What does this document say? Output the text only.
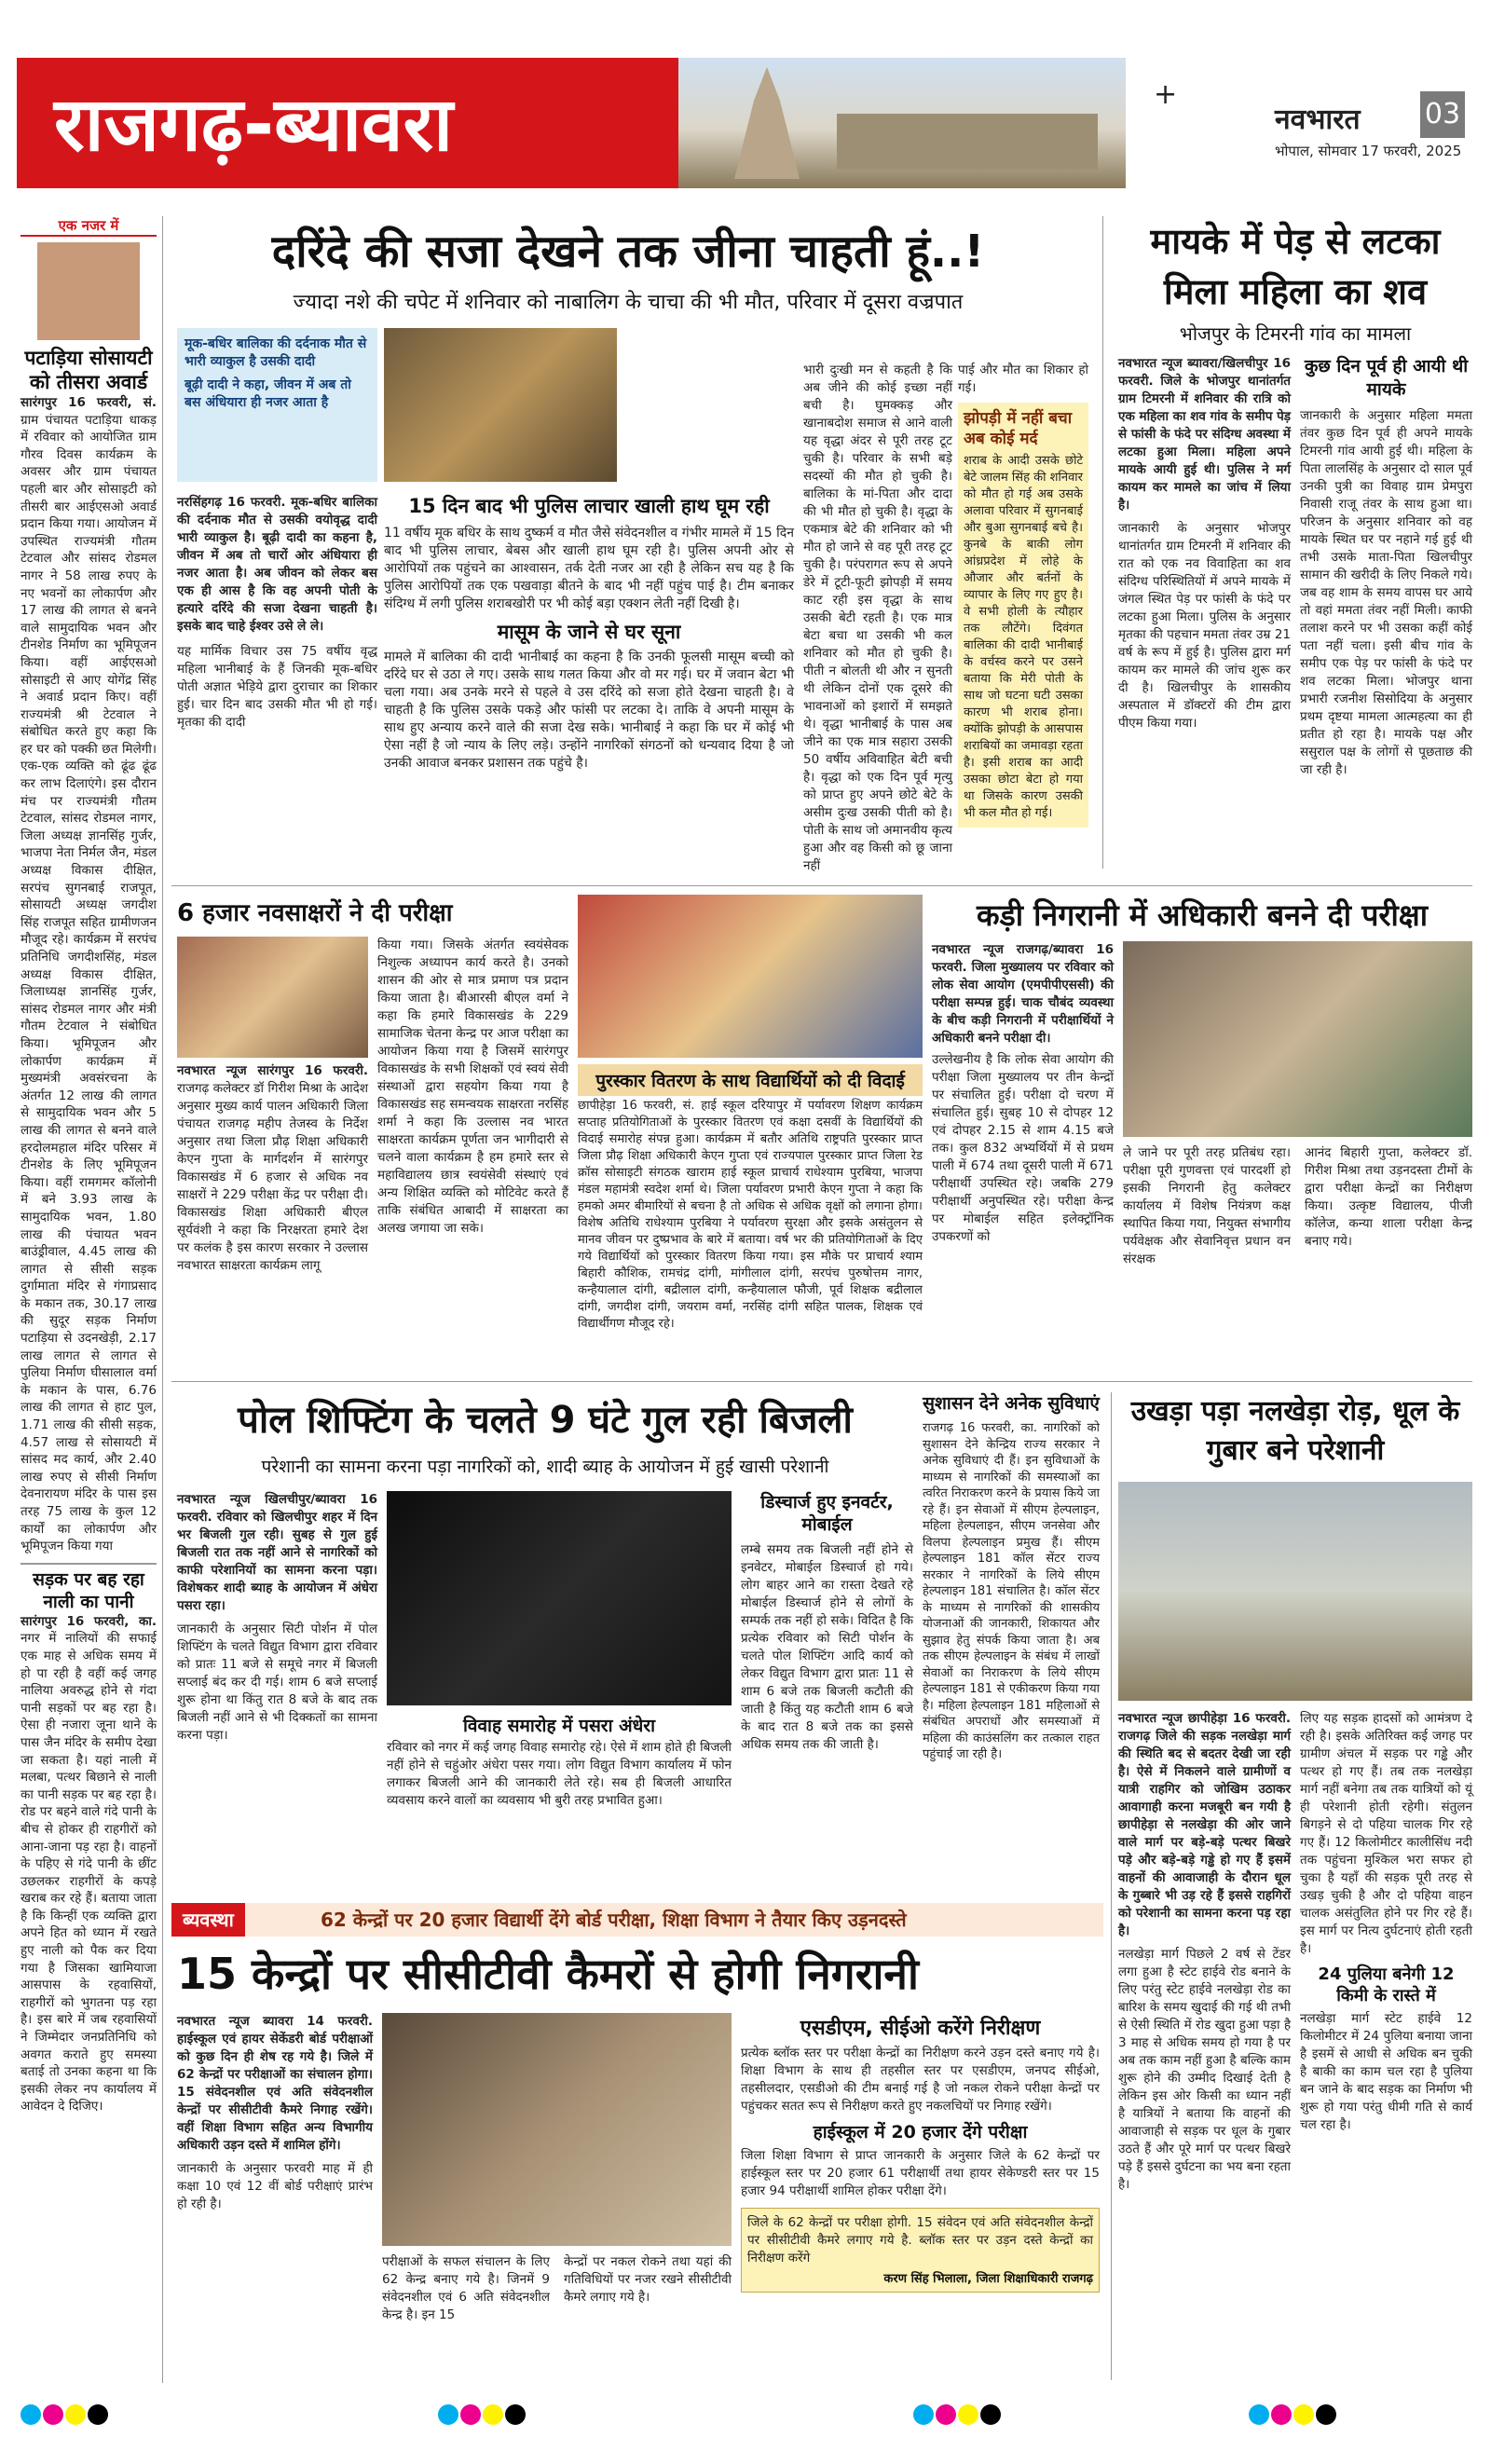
राजगढ़-ब्यावरा	+
नवभारत 03
भोपाल, सोमवार 17 फरवरी, 2025
एक नजर में
पटाड़िया सोसायटी को तीसरा अवार्ड
सारंगपुर 16 फरवरी, सं. ग्राम पंचायत पटाड़िया धाकड़ में रविवार को आयोजित ग्राम गौरव दिवस कार्यक्रम के अवसर और ग्राम पंचायत पहली बार और सोसाइटी को तीसरी बार आईएसओ अवार्ड प्रदान किया गया। आयोजन में उपस्थित राज्यमंत्री गौतम टेटवाल और सांसद रोडमल नागर ने 58 लाख रुपए के नए भवनों का लोकार्पण और 17 लाख की लागत से बनने वाले सामुदायिक भवन और टीनशेड निर्माण का भूमिपूजन किया। वहीं आईएसओ सोसाइटी से आए योगेंद्र सिंह ने अवार्ड प्रदान किए। वहीं राज्यमंत्री श्री टेटवाल ने संबोधित करते हुए कहा कि हर घर को पक्की छत मिलेगी। एक-एक व्यक्ति को ढूंढ ढूंढ कर लाभ दिलाएंगे। इस दौरान मंच पर राज्यमंत्री गौतम टेटवाल, सांसद रोडमल नागर, जिला अध्यक्ष ज्ञानसिंह गुर्जर, भाजपा नेता निर्मल जैन, मंडल अध्यक्ष विकास दीक्षित, सरपंच सुगनबाई राजपूत, सोसायटी अध्यक्ष जगदीश सिंह राजपूत सहित ग्रामीणजन मौजूद रहे। कार्यक्रम में सरपंच प्रतिनिधि जगदीशसिंह, मंडल अध्यक्ष विकास दीक्षित, जिलाध्यक्ष ज्ञानसिंह गुर्जर, सांसद रोडमल नागर और मंत्री गौतम टेटवाल ने संबोधित किया। भूमिपूजन और लोकार्पण कार्यक्रम में मुख्यमंत्री अवसंरचना के अंतर्गत 12 लाख की लागत से सामुदायिक भवन और 5 लाख की लागत से बनने वाले हरदोलमहाल मंदिर परिसर में टीनशेड के लिए भूमिपूजन किया। वहीं रामगमर कॉलोनी में बने 3.93 लाख के सामुदायिक भवन, 1.80 लाख की पंचायत भवन बाउंड्रीवाल, 4.45 लाख की लागत से सीसी सड़क दुर्गामाता मंदिर से गंगाप्रसाद के मकान तक, 30.17 लाख की सुदूर सड़क निर्माण पटाड़िया से उदनखेड़ी, 2.17 लाख लागत से लागत से पुलिया निर्माण घीसालाल वर्मा के मकान के पास, 6.76 लाख की लागत से हाट पुल, 1.71 लाख की सीसी सड़क, 4.57 लाख से सोसायटी में सांसद मद कार्य, और 2.40 लाख रुपए से सीसी निर्माण देवनारायण मंदिर के पास इस तरह 75 लाख के कुल 12 कार्यों का लोकार्पण और भूमिपूजन किया गया
सड़क पर बह रहा नाली का पानी
सारंगपुर 16 फरवरी, का. नगर में नालियों की सफाई एक माह से अधिक समय में हो पा रही है वहीं कई जगह नालिया अवरुद्ध होने से गंदा पानी सड़कों पर बह रहा है। ऐसा ही नजारा जूना थाने के पास जैन मंदिर के समीप देखा जा सकता है। यहां नाली में मलबा, पत्थर बिछाने से नाली का पानी सड़क पर बह रहा है। रोड पर बहने वाले गंदे पानी के बीच से होकर ही राहगीरों को आना-जाना पड़ रहा है। वाहनों के पहिए से गंदे पानी के छींट उछलकर राहगीरों के कपड़े खराब कर रहे हैं। बताया जाता है कि किन्हीं एक व्यक्ति द्वारा अपने हित को ध्यान में रखते हुए नाली को पैक कर दिया गया है जिसका खामियाजा आसपास के रहवासियों, राहगीरों को भुगतना पड़ रहा है। इस बारे में जब रहवासियों ने जिम्मेदार जनप्रतिनिधि को अवगत कराते हुए समस्या बताई तो उनका कहना था कि इसकी लेकर नप कार्यालय में आवेदन दे दिजिए।
दरिंदे की सजा देखने तक जीना चाहती हूं..!
ज्यादा नशे की चपेट में शनिवार को नाबालिग के चाचा की भी मौत, परिवार में दूसरा वज्रपात
मूक-बधिर बालिका की दर्दनाक मौत से भारी व्याकुल है उसकी दादी
बूढ़ी दादी ने कहा, जीवन में अब तो बस अंधियारा ही नजर आता है
नरसिंहगढ़ 16 फरवरी. मूक-बधिर बालिका की दर्दनाक मौत से उसकी वयोवृद्ध दादी भारी व्याकुल है। बूढ़ी दादी का कहना है, जीवन में अब तो चारों ओर अंधियारा ही नजर आता है। अब जीवन को लेकर बस एक ही आस है कि वह अपनी पोती के हत्यारे दरिंदे की सजा देखना चाहती है। इसके बाद चाहे ईश्वर उसे ले ले।
यह मार्मिक विचार उस 75 वर्षीय वृद्ध महिला भानीबाई के हैं जिनकी मूक-बधिर पोती अज्ञात भेड़िये द्वारा दुराचार का शिकार हुई। चार दिन बाद उसकी मौत भी हो गई। मृतका की दादी
15 दिन बाद भी पुलिस लाचार खाली हाथ घूम रही
11 वर्षीय मूक बधिर के साथ दुष्कर्म व मौत जैसे संवेदनशील व गंभीर मामले में 15 दिन बाद भी पुलिस लाचार, बेबस और खाली हाथ घूम रही है। पुलिस अपनी ओर से आरोपियों तक पहुंचने का आश्वासन, तर्क देती नजर आ रही है लेकिन सच यह है कि पुलिस आरोपियों तक एक पखवाड़ा बीतने के बाद भी नहीं पहुंच पाई है। टीम बनाकर संदिग्ध में लगी पुलिस शराबखोरी पर भी कोई बड़ा एक्शन लेती नहीं दिखी है।
मासूम के जाने से घर सूना
मामले में बालिका की दादी भानीबाई का कहना है कि उनकी फूलसी मासूम बच्ची को दरिंदे घर से उठा ले गए। उसके साथ गलत किया और वो मर गई। घर में जवान बेटा भी चला गया। अब उनके मरने से पहले वे उस दरिंदे को सजा होते देखना चाहती है। वे चाहती है कि पुलिस उसके पकड़े और फांसी पर लटका दे। ताकि वे अपनी मासूम के साथ हुए अन्याय करने वाले की सजा देख सके। भानीबाई ने कहा कि घर में कोई भी ऐसा नहीं है जो न्याय के लिए लड़े। उन्होंने नागरिकों संगठनों को धन्यवाद दिया है जो उनकी आवाज बनकर प्रशासन तक पहुंचे है।
भारी दुःखी मन से कहती है कि अब जीने की कोई इच्छा नहीं बची है। घुमक्कड़ और खानाबदोश समाज से आने वाली यह वृद्धा अंदर से पूरी तरह टूट चुकी है। परिवार के सभी बड़े सदस्यों की मौत हो चुकी है। बालिका के मां-पिता और दादा की भी मौत हो चुकी है। वृद्धा के एकमात्र बेटे की शनिवार को भी मौत हो जाने से वह पूरी तरह टूट चुकी है। परंपरागत रूप से अपने डेरे में टूटी-फूटी झोपड़ी में समय काट रही इस वृद्धा के साथ उसकी बेटी रहती है। एक मात्र बेटा बचा था उसकी भी कल शनिवार को मौत हो चुकी है। पीती न बोलती थी और न सुनती थी लेकिन दोनों एक दूसरे की भावनाओं को इशारों में समझते थे। वृद्धा भानीबाई के पास अब जीने का एक मात्र सहारा उसकी 50 वर्षीय अविवाहित बेटी बची है। वृद्धा को एक दिन पूर्व मृत्यु को प्राप्त हुए अपने छोटे बेटे के असीम दुःख उसकी पीती को है। पोती के साथ जो अमानवीय कृत्य हुआ और वह किसी को छू जाना नहीं
पाई और मौत का शिकार हो गई।
झोपड़ी में नहीं बचा अब कोई मर्द
शराब के आदी उसके छोटे बेटे जालम सिंह की शनिवार को मौत हो गई अब उसके अलावा परिवार में सुगनबाई और बुआ सुगनबाई बचे है। कुनबे के बाकी लोग आंध्रप्रदेश में लोहे के औजार और बर्तनों के व्यापार के लिए गए हुए है। वे सभी होली के त्यौहार तक लौटेंगे। दिवंगत बालिका की दादी भानीबाई के वर्चस्व करने पर उसने बताया कि मेरी पोती के साथ जो घटना घटी उसका कारण भी शराब होना। क्योंकि झोपड़ी के आसपास शराबियों का जमावड़ा रहता है। इसी शराब का आदी उसका छोटा बेटा हो गया था जिसके कारण उसकी भी कल मौत हो गई।
मायके में पेड़ से लटका मिला महिला का शव
भोजपुर के टिमरनी गांव का मामला
नवभारत न्यूज ब्यावरा/खिलचीपुर 16 फरवरी. जिले के भोजपुर थानांतर्गत ग्राम टिमरनी में शनिवार की रात्रि को एक महिला का शव गांव के समीप पेड़ से फांसी के फंदे पर संदिग्ध अवस्था में लटका हुआ मिला। महिला अपने मायके आयी हुई थी। पुलिस ने मर्ग कायम कर मामले का जांच में लिया है।
जानकारी के अनुसार भोजपुर थानांतर्गत ग्राम टिमरनी में शनिवार की रात को एक नव विवाहिता का शव संदिग्ध परिस्थितियों में अपने मायके में जंगल स्थित पेड़ पर फांसी के फंदे पर लटका हुआ मिला। पुलिस के अनुसार मृतका की पहचान ममता तंवर उम्र 21 वर्ष के रूप में हुई है। पुलिस द्वारा मर्ग कायम कर मामले की जांच शुरू कर दी है। खिलचीपुर के शासकीय अस्पताल में डॉक्टरों की टीम द्वारा पीएम किया गया।
कुछ दिन पूर्व ही आयी थी मायके
जानकारी के अनुसार महिला ममता तंवर कुछ दिन पूर्व ही अपने मायके टिमरनी गांव आयी हुई थी। महिला के पिता लालसिंह के अनुसार दो साल पूर्व उनकी पुत्री का विवाह ग्राम प्रेमपुरा निवासी राजू तंवर के साथ हुआ था। परिजन के अनुसार शनिवार को वह मायके स्थित घर पर नहाने गई हुई थी तभी उसके माता-पिता खिलचीपुर सामान की खरीदी के लिए निकले गये। जब वह शाम के समय वापस घर आये तो वहां ममता तंवर नहीं मिली। काफी तलाश करने पर भी उसका कहीं कोई पता नहीं चला। इसी बीच गांव के समीप एक पेड़ पर फांसी के फंदे पर शव लटका मिला। भोजपुर थाना प्रभारी रजनीश सिसोदिया के अनुसार प्रथम दृष्टया मामला आत्महत्या का ही प्रतीत हो रहा है। मायके पक्ष और ससुराल पक्ष के लोगों से पूछताछ की जा रही है।
6 हजार नवसाक्षरों ने दी परीक्षा
नवभारत न्यूज सारंगपुर 16 फरवरी. राजगढ़ कलेक्टर डॉ गिरीश मिश्रा के आदेश अनुसार मुख्य कार्य पालन अधिकारी जिला पंचायत राजगढ़ महीप तेजस्व के निर्देश अनुसार तथा जिला प्रौढ़ शिक्षा अधिकारी केएन गुप्ता के मार्गदर्शन में सारंगपुर विकासखंड में 6 हजार से अधिक नव साक्षरों ने 229 परीक्षा केंद्र पर परीक्षा दी। विकासखंड शिक्षा अधिकारी बीएल सूर्यवंशी ने कहा कि निरक्षरता हमारे देश पर कलंक है इस कारण सरकार ने उल्लास नवभारत साक्षरता कार्यक्रम लागू
किया गया। जिसके अंतर्गत स्वयंसेवक निशुल्क अध्यापन कार्य करते है। उनको शासन की ओर से मात्र प्रमाण पत्र प्रदान किया जाता है। बीआरसी बीएल वर्मा ने कहा कि हमारे विकासखंड के 229 सामाजिक चेतना केन्द्र पर आज परीक्षा का आयोजन किया गया है जिसमें सारंगपुर विकासखंड के सभी शिक्षकों एवं स्वयं सेवी संस्थाओं द्वारा सहयोग किया गया है विकासखंड सह समन्वयक साक्षरता नरसिंह शर्मा ने कहा कि उल्लास नव भारत साक्षरता कार्यक्रम पूर्णता जन भागीदारी से चलने वाला कार्यक्रम है हम हमारे स्तर से महाविद्यालय छात्र स्वयंसेवी संस्थाएं एवं अन्य शिक्षित व्यक्ति को मोटिवेट करते हैं ताकि संबंधित आबादी में साक्षरता का अलख जगाया जा सके।
पुरस्कार वितरण के साथ विद्यार्थियों को दी विदाई
छापीहेड़ा 16 फरवरी, सं. हाई स्कूल दरियापुर में पर्यावरण शिक्षण कार्यक्रम सप्ताह प्रतियोगिताओं के पुरस्कार वितरण एवं कक्षा दसवीं के विद्यार्थियों की विदाई समारोह संपन्न हुआ। कार्यक्रम में बतौर अतिथि राष्ट्रपति पुरस्कार प्राप्त जिला प्रौढ़ शिक्षा अधिकारी केएन गुप्ता एवं राज्यपाल पुरस्कार प्राप्त जिला रेड क्रॉस सोसाइटी संगठक खाराम हाई स्कूल प्राचार्य राधेश्याम पुरबिया, भाजपा मंडल महामंत्री स्वदेश शर्मा थे। जिला पर्यावरण प्रभारी केएन गुप्ता ने कहा कि हमको अमर बीमारियों से बचना है तो अधिक से अधिक वृक्षों को लगाना होगा। विशेष अतिथि राधेश्याम पुरबिया ने पर्यावरण सुरक्षा और इसके असंतुलन से मानव जीवन पर दुष्प्रभाव के बारे में बताया। वर्ष भर की प्रतियोगिताओं के दिए गये विद्यार्थियों को पुरस्कार वितरण किया गया। इस मौके पर प्राचार्य श्याम बिहारी कौशिक, रामचंद्र दांगी, मांगीलाल दांगी, सरपंच पुरुषोत्तम नागर, कन्हैयालाल दांगी, बद्रीलाल दांगी, कन्हैयालाल फौजी, पूर्व शिक्षक बद्रीलाल दांगी, जगदीश दांगी, जयराम वर्मा, नरसिंह दांगी सहित पालक, शिक्षक एवं विद्यार्थीगण मौजूद रहे।
कड़ी निगरानी में अधिकारी बनने दी परीक्षा
नवभारत न्यूज राजगढ़/ब्यावरा 16 फरवरी. जिला मुख्यालय पर रविवार को लोक सेवा आयोग (एमपीपीएससी) की परीक्षा सम्पन्न हुई। चाक चौबंद व्यवस्था के बीच कड़ी निगरानी में परीक्षार्थियों ने अधिकारी बनने परीक्षा दी।
उल्लेखनीय है कि लोक सेवा आयोग की परीक्षा जिला मुख्यालय पर तीन केन्द्रों पर संचालित हुई। परीक्षा दो चरण में संचालित हुई। सुबह 10 से दोपहर 12 एवं दोपहर 2.15 से शाम 4.15 बजे तक। कुल 832 अभ्यर्थियों में से प्रथम पाली में 674 तथा दूसरी पाली में 671 परीक्षार्थी उपस्थित रहे। जबकि 279 परीक्षार्थी अनुपस्थित रहे। परीक्षा केन्द्र पर मोबाईल सहित इलेक्ट्रॉनिक उपकरणों को
ले जाने पर पूरी तरह प्रतिबंध रहा। परीक्षा पूरी गुणवत्ता एवं पारदर्शी हो इसकी निगरानी हेतु कलेक्टर कार्यालय में विशेष नियंत्रण कक्ष स्थापित किया गया, नियुक्त संभागीय पर्यवेक्षक और सेवानिवृत्त प्रधान वन संरक्षक
आनंद बिहारी गुप्ता, कलेक्टर डॉ. गिरीश मिश्रा तथा उड़नदस्ता टीमों के द्वारा परीक्षा केन्द्रों का निरीक्षण किया। उत्कृष्ट विद्यालय, पीजी कॉलेज, कन्या शाला परीक्षा केन्द्र बनाए गये।
पोल शिफ्टिंग के चलते 9 घंटे गुल रही बिजली
परेशानी का सामना करना पड़ा नागरिकों को, शादी ब्याह के आयोजन में हुई खासी परेशानी
नवभारत न्यूज खिलचीपुर/ब्यावरा 16 फरवरी. रविवार को खिलचीपुर शहर में दिन भर बिजली गुल रही। सुबह से गुल हुई बिजली रात तक नहीं आने से नागरिकों को काफी परेशानियों का सामना करना पड़ा। विशेषकर शादी ब्याह के आयोजन में अंधेरा पसरा रहा।
जानकारी के अनुसार सिटी पोर्शन में पोल शिफ्टिंग के चलते विद्युत विभाग द्वारा रविवार को प्रातः 11 बजे से समूचे नगर में बिजली सप्लाई बंद कर दी गई। शाम 6 बजे सप्लाई शुरू होना था किंतु रात 8 बजे के बाद तक बिजली नहीं आने से भी दिक्कतों का सामना करना पड़ा।	विवाह समारोह में पसरा अंधेरा
रविवार को नगर में कई जगह विवाह समारोह रहे। ऐसे में शाम होते ही बिजली नहीं होने से चहुंओर अंधेरा पसर गया। लोग विद्युत विभाग कार्यालय में फोन लगाकर बिजली आने की जानकारी लेते रहे। सब ही बिजली आधारित व्यवसाय करने वालों का व्यवसाय भी बुरी तरह प्रभावित हुआ।
डिस्चार्ज हुए इनवर्टर, मोबाईल
लम्बे समय तक बिजली नहीं होने से इनवेटर, मोबाईल डिस्चार्ज हो गये। लोग बाहर आने का रास्ता देखते रहे मोबाईल डिस्चार्ज होने से लोगों के सम्पर्क तक नहीं हो सके। विदित है कि प्रत्येक रविवार को सिटी पोर्शन के चलते पोल शिफ्टिंग आदि कार्य को लेकर विद्युत विभाग द्वारा प्रातः 11 से शाम 6 बजे तक बिजली कटौती की जाती है किंतु यह कटौती शाम 6 बजे के बाद रात 8 बजे तक का इससे अधिक समय तक की जाती है।
सुशासन देने अनेक सुविधाएं
राजगढ़ 16 फरवरी, का. नागरिकों को सुशासन देने केन्द्रिय राज्य सरकार ने अनेक सुविधाएं दी हैं। इन सुविधाओं के माध्यम से नागरिकों की समस्याओं का त्वरित निराकरण करने के प्रयास किये जा रहे हैं। इन सेवाओं में सीएम हेल्पलाइन, महिला हेल्पलाइन, सीएम जनसेवा और विलपा हेल्पलाइन प्रमुख हैं। सीएम हेल्पलाइन 181 कॉल सेंटर राज्य सरकार ने नागरिकों के लिये सीएम हेल्पलाइन 181 संचालित है। कॉल सेंटर के माध्यम से नागरिकों की शासकीय योजनाओं की जानकारी, शिकायत और सुझाव हेतु संपर्क किया जाता है। अब तक सीएम हेल्पलाइन के संबंध में लाखों सेवाओं का निराकरण के लिये सीएम हेल्पलाइन 181 से एकीकरण किया गया है। महिला हेल्पलाइन 181 महिलाओं से संबंधित अपराधों और समस्याओं में महिला की काउंसलिंग कर तत्काल राहत पहुंचाई जा रही है।
उखड़ा पड़ा नलखेड़ा रोड़, धूल के गुबार बने परेशानी
नवभारत न्यूज छापीहेड़ा 16 फरवरी. राजगढ़ जिले की सड़क नलखेड़ा मार्ग की स्थिति बद से बदतर देखी जा रही है। ऐसे में निकलने वाले ग्रामीणों व यात्री राहगिर को जोखिम उठाकर आवागाही करना मजबूरी बन गयी है छापीहेड़ा से नलखेड़ा की ओर जाने वाले मार्ग पर बड़े-बड़े पत्थर बिखरे पड़े और बड़े-बड़े गड्ढे हो गए हैं इसमें वाहनों की आवाजाही के दौरान धूल के गुब्बारे भी उड़ रहे हैं इससे राहगिरों को परेशानी का सामना करना पड़ रहा है।
नलखेड़ा मार्ग पिछले 2 वर्ष से टेंडर लगा हुआ है स्टेट हाईवे रोड बनाने के लिए परंतु स्टेट हाईवे नलखेड़ा रोड का बारिश के समय खुदाई की गई थी तभी से ऐसी स्थिति में रोड खुदा हुआ पड़ा है 3 माह से अधिक समय हो गया है पर अब तक काम नहीं हुआ है बल्कि काम शुरू होने की उम्मीद दिखाई देती है लेकिन इस ओर किसी का ध्यान नहीं है यात्रियों ने बताया कि वाहनों की आवाजाही से सड़क पर धूल के गुबार उठते हैं और पूरे मार्ग पर पत्थर बिखरे पड़े हैं इससे दुर्घटना का भय बना रहता है।
लिए यह सड़क हादसों को आमंत्रण दे रही है। इसके अतिरिक्त कई जगह पर ग्रामीण अंचल में सड़क पर गड्ढे और पत्थर हो गए हैं। तब तक नलखेड़ा मार्ग नहीं बनेगा तब तक यात्रियों को यूं ही परेशानी होती रहेगी। संतुलन बिगड़ने से दो पहिया चालक गिर रहे गए हैं। 12 किलोमीटर कालीसिंध नदी तक पहुंचना मुश्किल भरा सफर हो चुका है यहाँ की सड़क पूरी तरह से उखड़ चुकी है और दो पहिया वाहन चालक असंतुलित होने पर गिर रहे हैं। इस मार्ग पर नित्य दुर्घटनाएं होती रहती है।
24 पुलिया बनेगी 12 किमी के रास्ते में
नलखेड़ा मार्ग स्टेट हाईवे 12 किलोमीटर में 24 पुलिया बनाया जाना है इसमें से आधी से अधिक बन चुकी है बाकी का काम चल रहा है पुलिया बन जाने के बाद सड़क का निर्माण भी शुरू हो गया परंतु धीमी गति से कार्य चल रहा है।
ब्यवस्था	62 केन्द्रों पर 20 हजार विद्यार्थी देंगे बोर्ड परीक्षा, शिक्षा विभाग ने तैयार किए उड़नदस्ते
15 केन्द्रों पर सीसीटीवी कैमरों से होगी निगरानी
नवभारत न्यूज ब्यावरा 14 फरवरी. हाईस्कूल एवं हायर सेकेंडरी बोर्ड परीक्षाओं को कुछ दिन ही शेष रह गये है। जिले में 62 केन्द्रों पर परीक्षाओं का संचालन होगा। 15 संवेदनशील एवं अति संवेदनशील केन्द्रों पर सीसीटीवी कैमरे निगाह रखेंगे। वहीं शिक्षा विभाग सहित अन्य विभागीय अधिकारी उड़न दस्ते में शामिल होंगे।
जानकारी के अनुसार फरवरी माह में ही कक्षा 10 एवं 12 वीं बोर्ड परीक्षाएं प्रारंभ हो रही है।
परीक्षाओं के सफल संचालन के लिए 62 केन्द्र बनाए गये है। जिनमें 9 संवेदनशील एवं 6 अति संवेदनशील केन्द्र है। इन 15
केन्द्रों पर नकल रोकने तथा यहां की गतिविधियों पर नजर रखने सीसीटीवी कैमरे लगाए गये है।
एसडीएम, सीईओ करेंगे निरीक्षण
प्रत्येक ब्लॉक स्तर पर परीक्षा केन्द्रों का निरीक्षण करने उड़न दस्ते बनाए गये है। शिक्षा विभाग के साथ ही तहसील स्तर पर एसडीएम, जनपद सीईओ, तहसीलदार, एसडीओ की टीम बनाई गई है जो नकल रोकने परीक्षा केन्द्रों पर पहुंचकर सतत रूप से निरीक्षण करते हुए नकलचियों पर निगाह रखेंगे।
हाईस्कूल में 20 हजार देंगे परीक्षा
जिला शिक्षा विभाग से प्राप्त जानकारी के अनुसार जिले के 62 केन्द्रों पर हाईस्कूल स्तर पर 20 हजार 61 परीक्षार्थी तथा हायर सेकेण्डरी स्तर पर 15 हजार 94 परीक्षार्थी शामिल होकर परीक्षा देंगे।
जिले के 62 केन्द्रों पर परीक्षा होगी. 15 संवेदन एवं अति संवेदनशील केन्द्रों पर सीसीटीवी कैमरे लगाए गये है. ब्लॉक स्तर पर उड़न दस्ते केन्द्रों का निरीक्षण करेंगे
करण सिंह भिलाला, जिला शिक्षाधिकारी राजगढ़
